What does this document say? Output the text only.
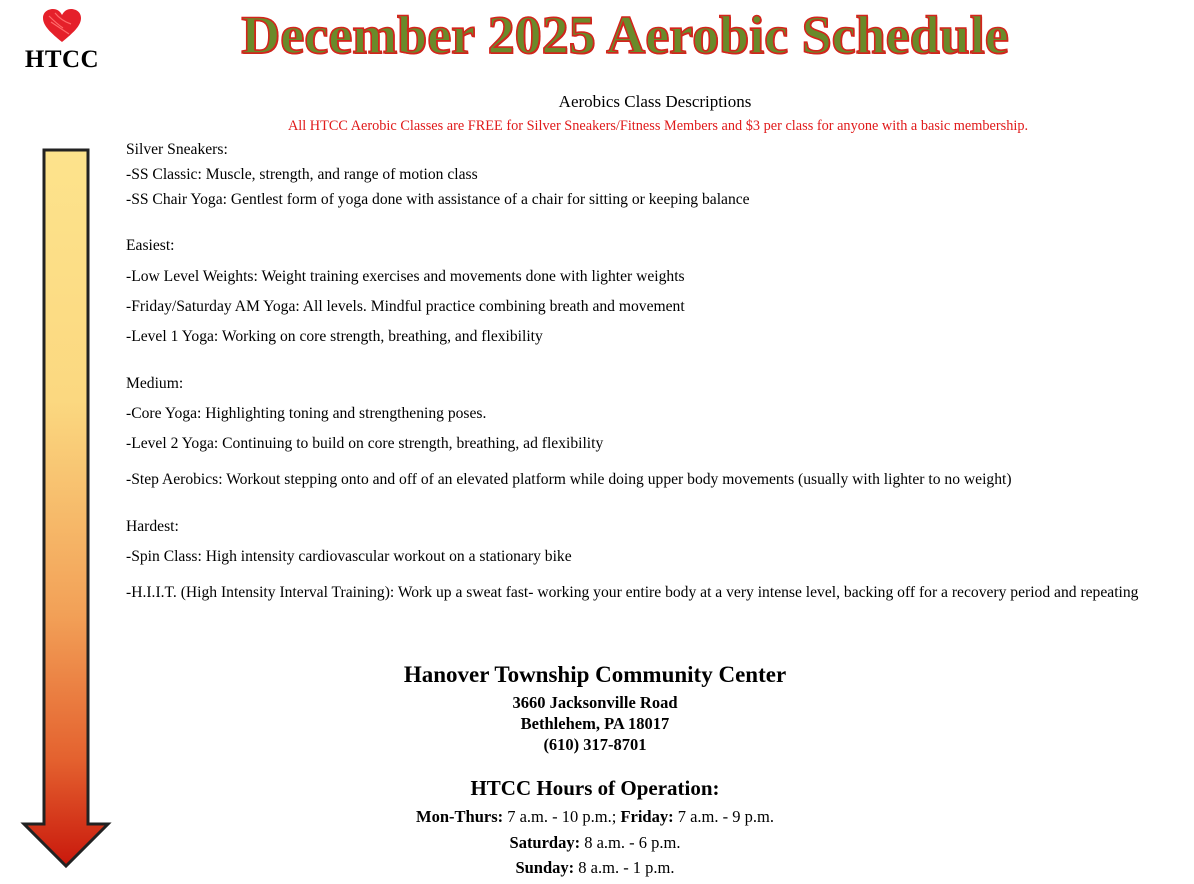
HTCC	December 2025 Aerobic Schedule
Aerobics Class Descriptions
All HTCC Aerobic Classes are FREE for Silver Sneakers/Fitness Members and $3 per class for anyone with a basic membership.
Silver Sneakers:
-SS Classic: Muscle, strength, and range of motion class
-SS Chair Yoga: Gentlest form of yoga done with assistance of a chair for sitting or keeping balance
Easiest:
-Low Level Weights: Weight training exercises and movements done with lighter weights
-Friday/Saturday AM Yoga: All levels. Mindful practice combining breath and movement
-Level 1 Yoga: Working on core strength, breathing, and flexibility
Medium:
-Core Yoga: Highlighting toning and strengthening poses.
-Level 2 Yoga: Continuing to build on core strength, breathing, ad flexibility
-Step Aerobics: Workout stepping onto and off of an elevated platform while doing upper body movements (usually with lighter to no weight)
Hardest:
-Spin Class: High intensity cardiovascular workout on a stationary bike
-H.I.I.T. (High Intensity Interval Training): Work up a sweat fast- working your entire body at a very intense level, backing off for a recovery period and repeating
Hanover Township Community Center
3660 Jacksonville Road
Bethlehem, PA 18017
(610) 317-8701
HTCC Hours of Operation:
Mon-Thurs: 7 a.m. - 10 p.m.; Friday: 7 a.m. - 9 p.m.
Saturday: 8 a.m. - 6 p.m.
Sunday: 8 a.m. - 1 p.m.
